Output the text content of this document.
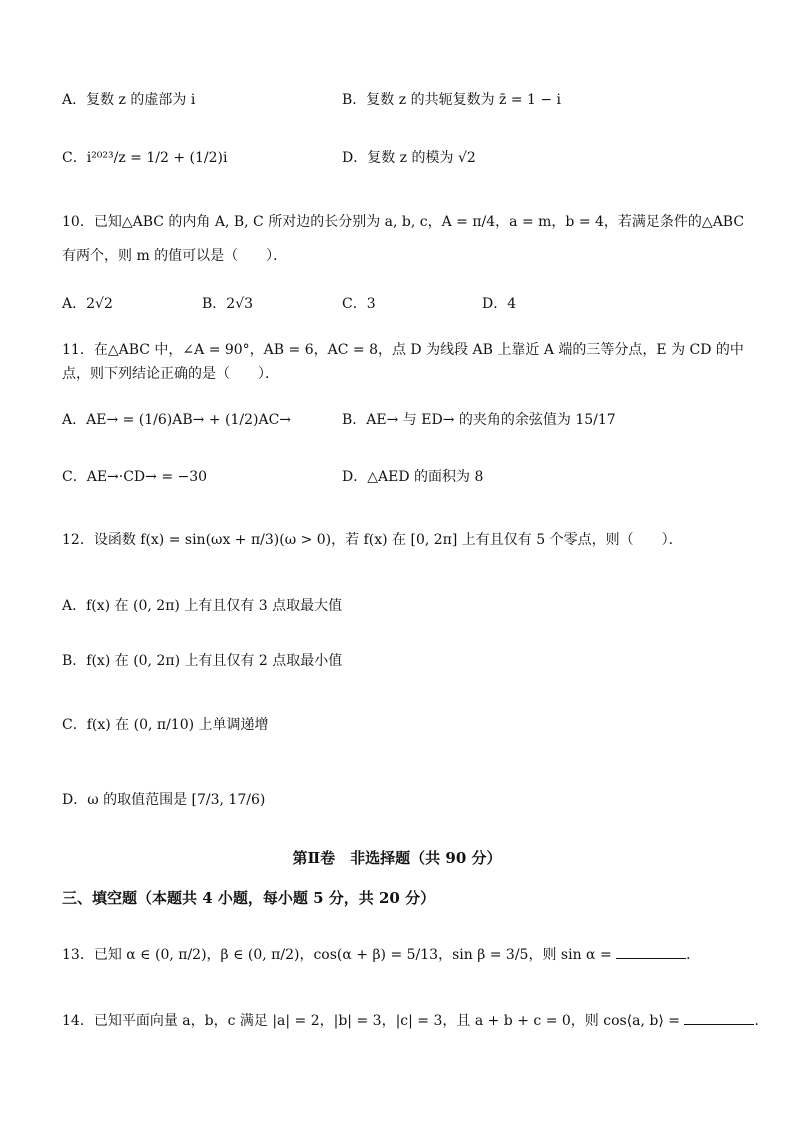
A．复数 z 的虚部为 i	B．复数 z 的共轭复数为 z̄ = 1 − i
C．i²⁰²³/z = 1/2 + (1/2)i	D．复数 z 的模为 √2
10．已知△ABC 的内角 A, B, C 所对边的长分别为 a, b, c，A = π/4，a = m，b = 4，若满足条件的△ABC
有两个，则 m 的值可以是（　　）．
A．2√2	B．2√3	C．3	D．4
11．在△ABC 中，∠A = 90°，AB = 6，AC = 8，点 D 为线段 AB 上靠近 A 端的三等分点，E 为 CD 的中
点，则下列结论正确的是（　　）．
A．AE→ = (1/6)AB→ + (1/2)AC→	B．AE→ 与 ED→ 的夹角的余弦值为 15/17
C．AE→·CD→ = −30	D．△AED 的面积为 8
12．设函数 f(x) = sin(ωx + π/3)(ω > 0)，若 f(x) 在 [0, 2π] 上有且仅有 5 个零点，则（　　）．
A．f(x) 在 (0, 2π) 上有且仅有 3 点取最大值
B．f(x) 在 (0, 2π) 上有且仅有 2 点取最小值
C．f(x) 在 (0, π/10) 上单调递增
D．ω 的取值范围是 [7/3, 17/6)
第Ⅱ卷　非选择题（共 90 分）
三、填空题（本题共 4 小题，每小题 5 分，共 20 分）
13．已知 α ∈ (0, π/2)，β ∈ (0, π/2)，cos(α + β) = 5/13，sin β = 3/5，则 sin α =	．
14．已知平面向量 a，b，c 满足 |a| = 2，|b| = 3，|c| = 3，且 a + b + c = 0，则 cos⟨a, b⟩ =	．
